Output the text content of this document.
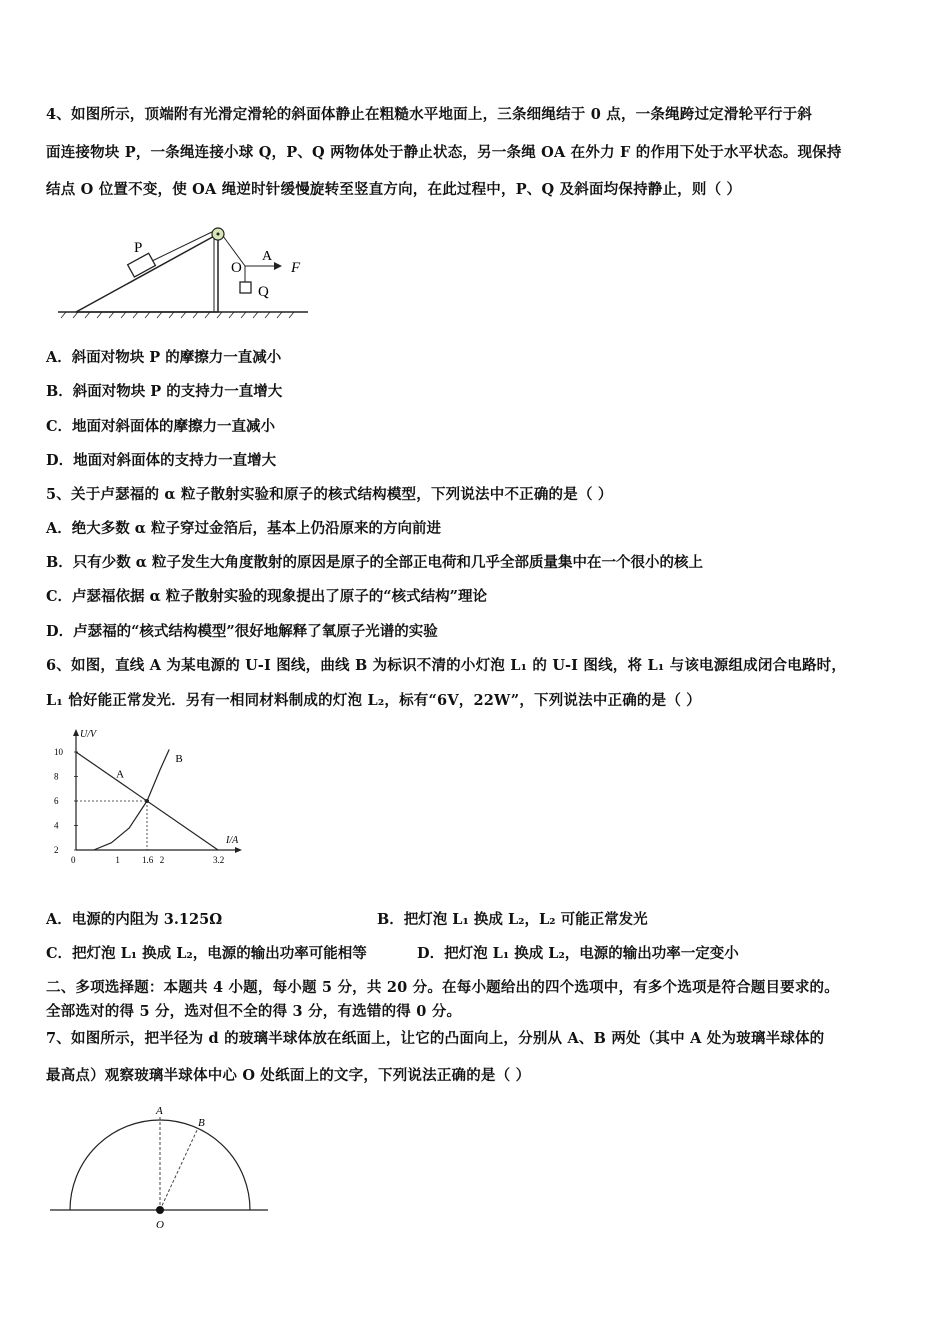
4、如图所示，顶端附有光滑定滑轮的斜面体静止在粗糙水平地面上，三条细绳结于 0 点，一条绳跨过定滑轮平行于斜
面连接物块 P，一条绳连接小球 Q，P、Q 两物体处于静止状态，另一条绳 OA 在外力 F 的作用下处于水平状态。现保持
结点 O 位置不变，使 OA 绳逆时针缓慢旋转至竖直方向，在此过程中，P、Q 及斜面均保持静止，则（ ）
P
O
A
F
Q
A．斜面对物块 P 的摩擦力一直减小
B．斜面对物块 P 的支持力一直增大
C．地面对斜面体的摩擦力一直减小
D．地面对斜面体的支持力一直增大
5、关于卢瑟福的 α 粒子散射实验和原子的核式结构模型，下列说法中不正确的是（ ）
A．绝大多数 α 粒子穿过金箔后，基本上仍沿原来的方向前进
B．只有少数 α 粒子发生大角度散射的原因是原子的全部正电荷和几乎全部质量集中在一个很小的核上
C．卢瑟福依据 α 粒子散射实验的现象提出了原子的“核式结构”理论
D．卢瑟福的“核式结构模型”很好地解释了氧原子光谱的实验
6、如图，直线 A 为某电源的 U-I 图线，曲线 B 为标识不清的小灯泡 L₁ 的 U-I 图线，将 L₁ 与该电源组成闭合电路时，
L₁ 恰好能正常发光．另有一相同材料制成的灯泡 L₂，标有“6V，22W”，下列说法中正确的是（ ）
U/V
I/A
10
8
6
4
2
0	1 1.6 2	3.2
A
B
A．电源的内阻为 3.125Ω	B．把灯泡 L₁ 换成 L₂，L₂ 可能正常发光
C．把灯泡 L₁ 换成 L₂，电源的输出功率可能相等	D．把灯泡 L₁ 换成 L₂，电源的输出功率一定变小
二、多项选择题：本题共 4 小题，每小题 5 分，共 20 分。在每小题给出的四个选项中，有多个选项是符合题目要求的。
全部选对的得 5 分，选对但不全的得 3 分，有选错的得 0 分。
7、如图所示，把半径为 d 的玻璃半球体放在纸面上，让它的凸面向上，分别从 A、B 两处（其中 A 处为玻璃半球体的
最高点）观察玻璃半球体中心 O 处纸面上的文字，下列说法正确的是（ ）
A
B
O
